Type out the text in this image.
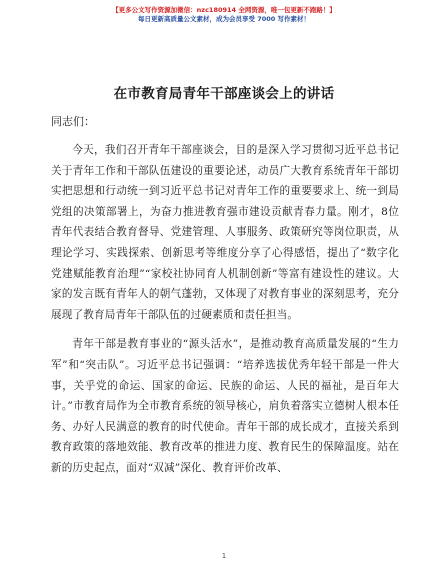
【更多公文写作资源加微信：nzc180914 全网资源，唯一包更新不跑路！】
每日更新高质量公文素材，成为会员享受 7000 写作素材！
在市教育局青年干部座谈会上的讲话
同志们：

今天，我们召开青年干部座谈会，目的是深入学习贯彻习近平总书记关于青年工作和干部队伍建设的重要论述，动员广大教育系统青年干部切实把思想和行动统一到习近平总书记对青年工作的重要要求上、统一到局党组的决策部署上，为奋力推进教育强市建设贡献青春力量。刚才，8位青年代表结合教育督导、党建管理、人事服务、政策研究等岗位职责，从理论学习、实践探索、创新思考等维度分享了心得感悟，提出了“数字化党建赋能教育治理”“家校社协同育人机制创新”等富有建设性的建议。大家的发言既有青年人的朝气蓬勃，又体现了对教育事业的深刻思考，充分展现了教育局青年干部队伍的过硬素质和责任担当。

青年干部是教育事业的“源头活水”，是推动教育高质量发展的“生力军”和“突击队”。习近平总书记强调：“培养选拔优秀年轻干部是一件大事，关乎党的命运、国家的命运、民族的命运、人民的福祉，是百年大计。”市教育局作为全市教育系统的领导核心，肩负着落实立德树人根本任务、办好人民满意的教育的时代使命。青年干部的成长成才，直接关系到教育政策的落地效能、教育改革的推进力度、教育民生的保障温度。站在新的历史起点，面对“双减”深化、教育评价改革、

1
